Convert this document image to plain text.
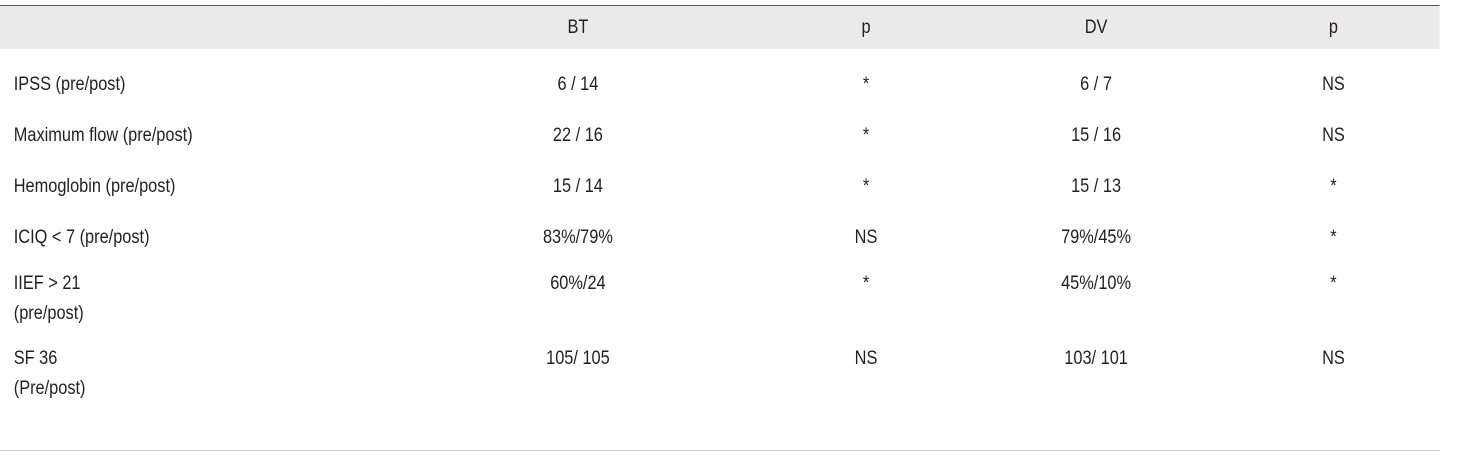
	BT	p	DV	p
IPSS (pre/post)	6 / 14	*	6 / 7	NS
Maximum flow (pre/post)	22 / 16	*	15 / 16	NS
Hemoglobin (pre/post)	15 / 14	*	15 / 13	*
ICIQ < 7 (pre/post)	83%/79%	NS	79%/45%	*

IIEF > 21
(pre/post)	60%/24	*	45%/10%	*

SF 36
(Pre/post)	105/ 105	NS	103/ 101	NS
